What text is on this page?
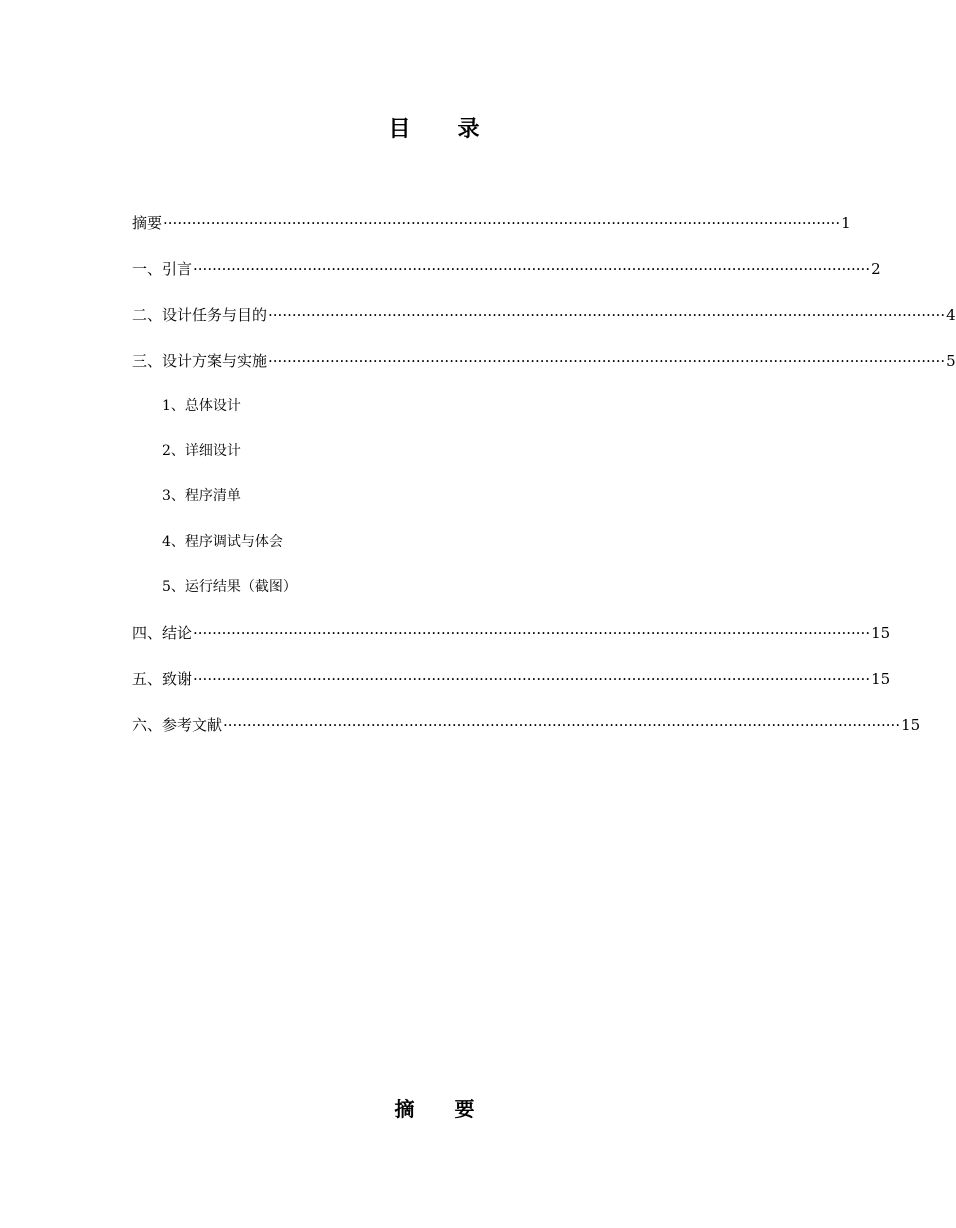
目　　录
摘要 ·············································································································································· 1
一、引言 ·············································································································································· 2
二、设计任务与目的 ·············································································································································· 4
三、设计方案与实施 ·············································································································································· 5
1、总体设计
2、详细设计
3、程序清单
4、程序调试与体会
5、运行结果（截图）
四、结论 ·············································································································································· 15
五、致谢 ·············································································································································· 15
六、参考文献 ·············································································································································· 15
摘　　要
